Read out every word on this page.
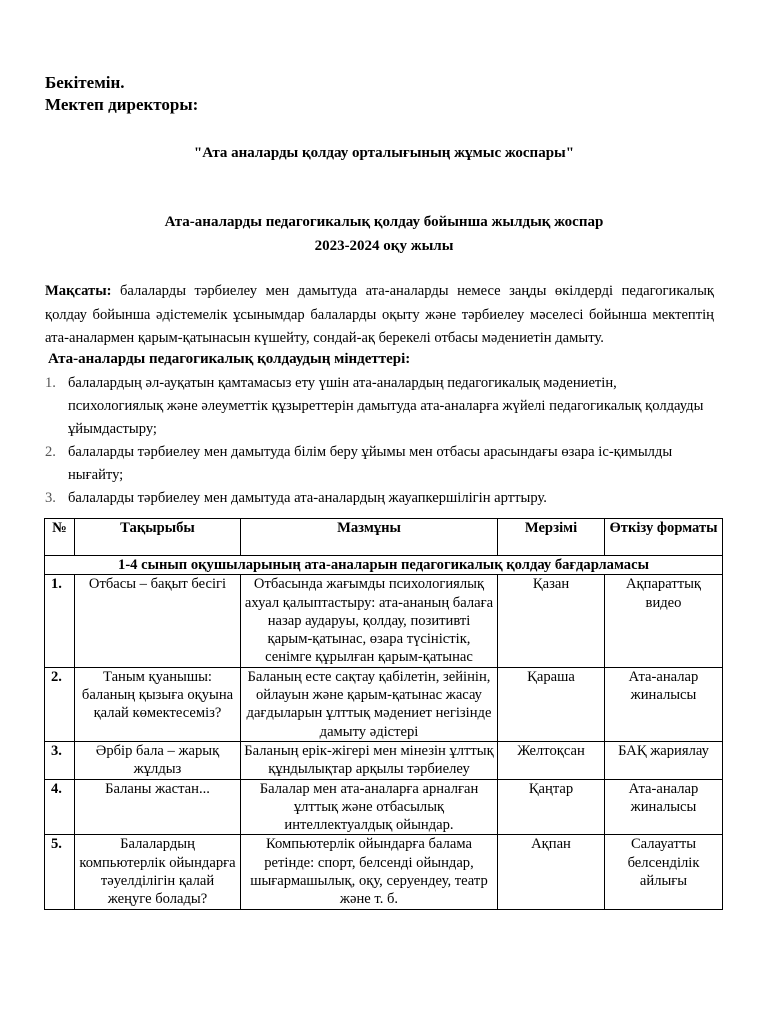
Бекітемін.
Мектеп директоры:
"Ата аналарды қолдау орталығының жұмыс жоспары"
Ата-аналарды педагогикалық қолдау бойынша жылдық жоспар
2023-2024 оқу жылы
Мақсаты: балаларды тәрбиелеу мен дамытуда ата-аналарды немесе заңды өкілдерді педагогикалық қолдау бойынша әдістемелік ұсынымдар балаларды оқыту және тәрбиелеу мәселесі бойынша мектептің ата-аналармен қарым-қатынасын күшейту, сондай-ақ берекелі отбасы мәдениетін дамыту.
Ата-аналарды педагогикалық қолдаудың міндеттері:
1. балалардың әл-ауқатын қамтамасыз ету үшін ата-аналардың педагогикалық мәдениетін, психологиялық және әлеуметтік құзыреттерін дамытуда ата-аналарға жүйелі педагогикалық қолдауды ұйымдастыру;
2. балаларды тәрбиелеу мен дамытуда білім беру ұйымы мен отбасы арасындағы өзара іс-қимылды нығайту;
3. балаларды тәрбиелеу мен дамытуда ата-аналардың жауапкершілігін арттыру.
№	Тақырыбы	Мазмұны	Мерзімі	Өткізу форматы
1-4 сынып оқушыларының ата-аналарын педагогикалық қолдау бағдарламасы				
1.	Отбасы – бақыт бесігі	Отбасында жағымды психологиялық ахуал қалыптастыру: ата-ананың балаға назар аударуы, қолдау, позитивті қарым-қатынас, өзара түсіністік, сенімге құрылған қарым-қатынас	Қазан	Ақпараттық видео
2.	Таным қуанышы: баланың қызыға оқуына қалай көмектесеміз?	Баланың есте сақтау қабілетін, зейінін, ойлауын және қарым-қатынас жасау дағдыларын ұлттық мәдениет негізінде дамыту әдістері	Қараша	Ата-аналар жиналысы
3.	Әрбір бала – жарық жұлдыз	Баланың ерік-жігері мен мінезін ұлттық құндылықтар арқылы тәрбиелеу	Желтоқсан	БАҚ жариялау
4.	Баланы жастан...	Балалар мен ата-аналарға арналған ұлттық және отбасылық интеллектуалдық ойындар.	Қаңтар	Ата-аналар жиналысы
5.	Балалардың компьютерлік ойындарға тәуелділігін қалай жеңуге болады?	Компьютерлік ойындарға балама ретінде: спорт, белсенді ойындар, шығармашылық, оқу, серуендеу, театр және т. б.	Ақпан	Салауатты белсенділік айлығы
